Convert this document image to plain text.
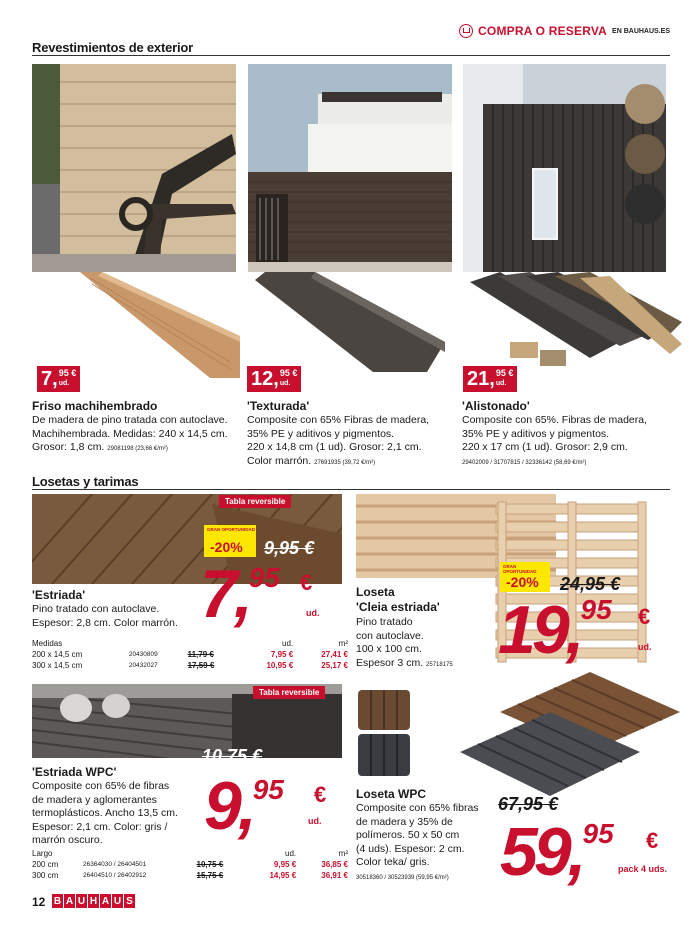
COMPRA O RESERVA EN BAUHAUS.ES
Revestimientos de exterior
7, 95 €
ud.
Friso machihembrado
De madera de pino tratada con autoclave.
Machihembrada. Medidas: 240 x 14,5 cm.
Grosor: 1,8 cm. 29081198 (23,66 €/m²)
12, 95 €
ud.
'Texturada'
Composite con 65% Fibras de madera,
35% PE y aditivos y pigmentos.
220 x 14,8 cm (1 ud). Grosor: 2,1 cm.
Color marrón. 27691935 (39,72 €/m²)
21, 95 €
ud.
'Alistonado'
Composite con 65%. Fibras de madera,
35% PE y aditivos y pigmentos.
220 x 17 cm (1 ud). Grosor: 2,9 cm.
29402009 / 31707815 / 32336142 (58,69 €/m²)
Losetas y tarimas
Tabla reversible
GRAN OPORTUNIDAD
-20% 9,95 €
7,95 €
ud.
'Estriada'
Pino tratado con autoclave.
Espesor: 2,8 cm. Color marrón.
Medidas			ud.	m²
200 x 14,5 cm	20430809	11,79 €	7,95 €	27,41 €
300 x 14,5 cm	20432027	17,59 €	10,95 €	25,17 €
GRAN OPORTUNIDAD
-20% 24,95 €
19,95 €
ud.
Loseta
'Cleia estriada'
Pino tratado
con autoclave.
100 x 100 cm.
Espesor 3 cm. 25718175
Tabla reversible
10,75 €
9,95 €
ud.
'Estriada WPC'
Composite con 65% de fibras
de madera y aglomerantes
termoplásticos. Ancho 13,5 cm.
Espesor: 2,1 cm. Color: gris /
marrón oscuro.
Largo			ud.	m²
200 cm	26364030 / 26404501	10,75 €	9,95 €	36,85 €
300 cm	26404510 / 26402912	15,75 €	14,95 €	36,91 €
67,95 €
59,95 €
pack 4 uds.
Loseta WPC
Composite con 65% fibras
de madera y 35% de
polímeros. 50 x 50 cm
(4 uds). Espesor: 2 cm.
Color teka/ gris.
30518360 / 30523939 (59,95 €/m²)
12 B A U H A U S
